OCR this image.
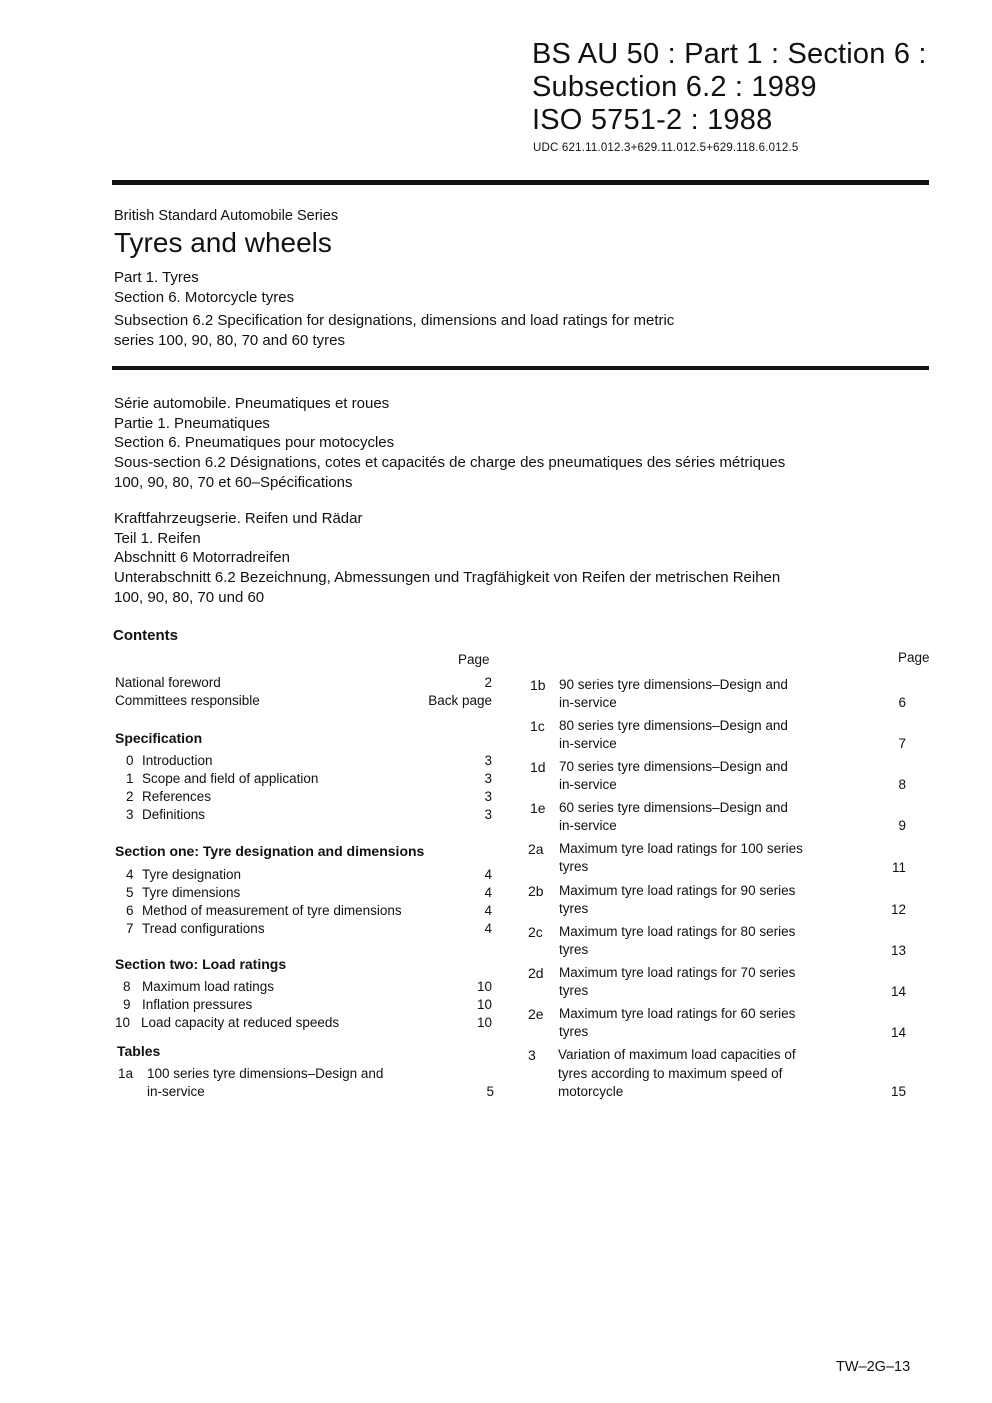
BS AU 50 : Part 1 : Section 6 :
Subsection 6.2 : 1989
ISO 5751-2 : 1988
UDC 621.11.012.3+629.11.012.5+629.118.6.012.5
British Standard Automobile Series
Tyres and wheels
Part 1. Tyres
Section 6. Motorcycle tyres
Subsection 6.2 Specification for designations, dimensions and load ratings for metric
series 100, 90, 80, 70 and 60 tyres
Série automobile. Pneumatiques et roues
Partie 1. Pneumatiques
Section 6. Pneumatiques pour motocycles
Sous-section 6.2 Désignations, cotes et capacités de charge des pneumatiques des séries métriques
100, 90, 80, 70 et 60–Spécifications
Kraftfahrzeugserie. Reifen und Rädar
Teil 1. Reifen
Abschnitt 6 Motorradreifen
Unterabschnitt 6.2 Bezeichnung, Abmessungen und Tragfähigkeit von Reifen der metrischen Reihen
100, 90, 80, 70 und 60
Contents
Page
National foreword	2
Committees responsible	Back page
Specification
0 Introduction	3
1 Scope and field of application	3
2 References	3
3 Definitions	3
Section one: Tyre designation and dimensions
4 Tyre designation	4
5 Tyre dimensions	4
6 Method of measurement of tyre dimensions	4
7 Tread configurations	4
Section two: Load ratings
8 Maximum load ratings	10
9 Inflation pressures	10
10 Load capacity at reduced speeds	10
Tables
1a 100 series tyre dimensions–Design and
in-service	5
Page
1b 90 series tyre dimensions–Design and
in-service	6
1c 80 series tyre dimensions–Design and
in-service	7
1d 70 series tyre dimensions–Design and
in-service	8
1e 60 series tyre dimensions–Design and
in-service	9
2a Maximum tyre load ratings for 100 series
tyres	11
2b Maximum tyre load ratings for 90 series
tyres	12
2c Maximum tyre load ratings for 80 series
tyres	13
2d Maximum tyre load ratings for 70 series
tyres	14
2e Maximum tyre load ratings for 60 series
tyres	14
3 Variation of maximum load capacities of
tyres according to maximum speed of
motorcycle	15
TW–2G–13
